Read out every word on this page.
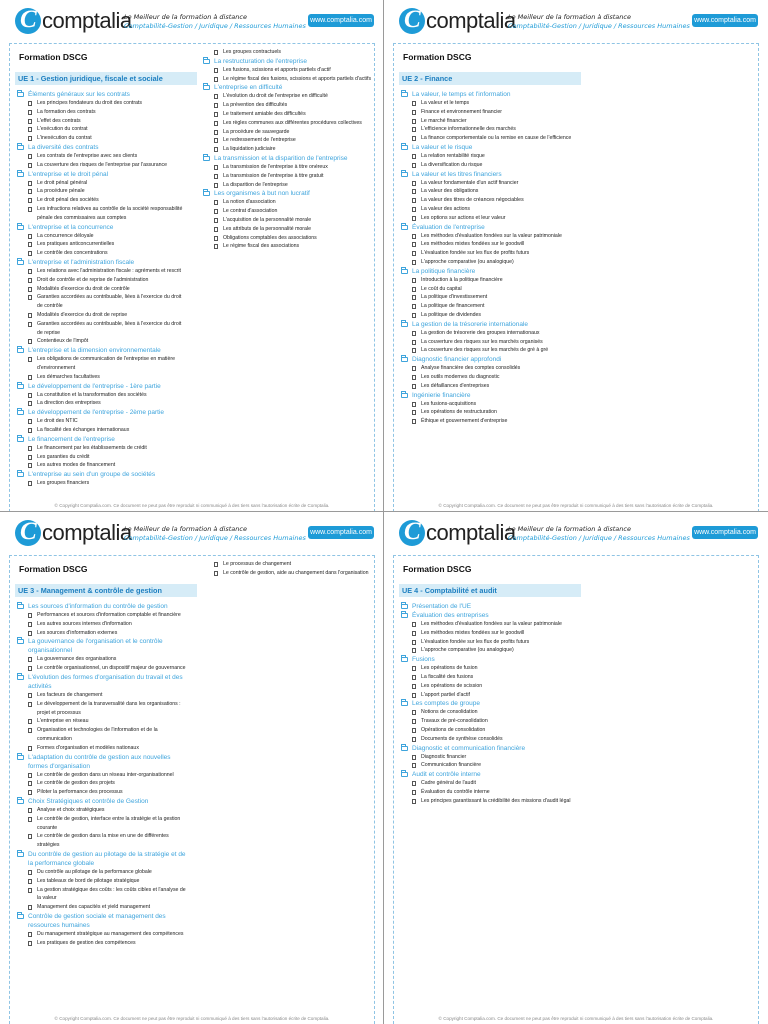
C comptalia
Le Meilleur de la formation à distance
Comptabilité-Gestion / Juridique / Ressources Humaines
www.comptalia.com
Formation DSCG
UE 1 - Gestion juridique, fiscale et sociale
Éléments généraux sur les contrats
Les principes fondateurs du droit des contrats
La formation des contrats
L'effet des contrats
L'exécution du contrat
L'inexécution du contrat
La diversité des contrats
Les contrats de l'entreprise avec ses clients
La couverture des risques de l'entreprise par l'assurance
L'entreprise et le droit pénal
Le droit pénal général
La procédure pénale
Le droit pénal des sociétés
Les infractions relatives au contrôle de la société responsabilité pénale des commissaires aux comptes
L'entreprise et la concurrence
La concurrence déloyale
Les pratiques anticoncurrentielles
Le contrôle des concentrations
L'entreprise et l'administration fiscale
Les relations avec l'administration fiscale : agréments et rescrit
Droit de contrôle et de reprise de l'administration
Modalités d'exercice du droit de contrôle
Garanties accordées au contribuable, liées à l'exercice du droit de contrôle
Modalités d'exercice du droit de reprise
Garanties accordées au contribuable, liées à l'exercice du droit de reprise
Contentieux de l'impôt
L'entreprise et la dimension environnementale
Les obligations de communication de l'entreprise en matière d'environnement
Les démarches facultatives
Le développement de l'entreprise - 1ère partie
La constitution et la transformation des sociétés
La direction des entreprises
Le développement de l'entreprise - 2ème partie
Le droit des NTIC
La fiscalité des échanges internationaux
Le financement de l'entreprise
Le financement par les établissements de crédit
Les garanties du crédit
Les autres modes de financement
L'entreprise au sein d'un groupe de sociétés
Les groupes financiers
Les groupes contractuels
La restructuration de l'entreprise
Les fusions, scissions et apports partiels d'actif
Le régime fiscal des fusions, scissions et apports partiels d'actifs
L'entreprise en difficulté
L'évolution du droit de l'entreprise en difficulté
La prévention des difficultés
Le traitement amiable des difficultés
Les règles communes aux différentes procédures collectives
La procédure de sauvegarde
Le redressement de l'entreprise
La liquidation judiciaire
La transmission et la disparition de l'entreprise
La transmission de l'entreprise à titre onéreux
La transmission de l'entreprise à titre gratuit
La disparition de l'entreprise
Les organismes à but non lucratif
La notion d'association
Le contrat d'association
L'acquisition de la personnalité morale
Les attributs de la personnalité morale
Obligations comptables des associations
Le régime fiscal des associations
© Copyright Comptalia.com. Ce document ne peut pas être reproduit ni communiqué à des tiers sans l'autorisation écrite de Comptalia.
C comptalia
Le Meilleur de la formation à distance
Comptabilité-Gestion / Juridique / Ressources Humaines
www.comptalia.com
Formation DSCG
UE 2 - Finance
La valeur, le temps et l'information
La valeur et le temps
Finance et environnement financier
Le marché financier
L'efficience informationnelle des marchés
La finance comportementale ou la remise en cause de l'efficience
La valeur et le risque
La relation rentabilité risque
La diversification du risque
La valeur et les titres financiers
La valeur fondamentale d'un actif financier
La valeur des obligations
La valeur des titres de créances négociables
La valeur des actions
Les options sur actions et leur valeur
Évaluation de l'entreprise
Les méthodes d'évaluation fondées sur la valeur patrimoniale
Les méthodes mixtes fondées sur le goodwill
L'évaluation fondée sur les flux de profits futurs
L'approche comparative (ou analogique)
La politique financière
Introduction à la politique financière
Le coût du capital
La politique d'investissement
La politique de financement
La politique de dividendes
La gestion de la trésorerie internationale
La gestion de trésorerie des groupes internationaux
La couverture des risques sur les marchés organisés
La couverture des risques sur les marchés de gré à gré
Diagnostic financier approfondi
Analyse financière des comptes consolidés
Les outils modernes du diagnostic
Les défaillances d'entreprises
Ingénierie financière
Les fusions-acquisitions
Les opérations de restructuration
Éthique et gouvernement d'entreprise
© Copyright Comptalia.com. Ce document ne peut pas être reproduit ni communiqué à des tiers sans l'autorisation écrite de Comptalia.
C comptalia
Le Meilleur de la formation à distance
Comptabilité-Gestion / Juridique / Ressources Humaines
www.comptalia.com
Formation DSCG
UE 3 - Management & contrôle de gestion
Les sources d'information du contrôle de gestion
Performances et sources d'information comptable et financière
Les autres sources internes d'information
Les sources d'information externes
La gouvernance de l'organisation et le contrôle organisationnel
La gouvernance des organisations
Le contrôle organisationnel, un dispositif majeur de gouvernance
L'évolution des formes d'organisation du travail et des activités
Les facteurs de changement
Le développement de la transversalité dans les organisations : projet et processus
L'entreprise en réseau
Organisation et technologies de l'information et de la communication
Formes d'organisation et modèles nationaux
L'adaptation du contrôle de gestion aux nouvelles formes d'organisation
Le contrôle de gestion dans un réseau inter-organisationnel
Le contrôle de gestion des projets
Piloter la performance des processus
Choix Stratégiques et contrôle de Gestion
Analyse et choix stratégiques
Le contrôle de gestion, interface entre la stratégie et la gestion courante
Le contrôle de gestion dans la mise en une de différentes stratégies
Du contrôle de gestion au pilotage de la stratégie et de la performance globale
Du contrôle au pilotage de la performance globale
Les tableaux de bord de pilotage stratégique
La gestion stratégique des coûts : les coûts cibles et l'analyse de la valeur
Management des capacités et yield management
Contrôle de gestion sociale et management des ressources humaines
Du management stratégique au management des compétences
Les pratiques de gestion des compétences
Le processus de changement
Le contrôle de gestion, aide au changement dans l'organisation
© Copyright Comptalia.com. Ce document ne peut pas être reproduit ni communiqué à des tiers sans l'autorisation écrite de Comptalia.
C comptalia
Le Meilleur de la formation à distance
Comptabilité-Gestion / Juridique / Ressources Humaines
www.comptalia.com
Formation DSCG
UE 4 - Comptabilité et audit
Présentation de l'UE
Évaluation des entreprises
Les méthodes d'évaluation fondées sur la valeur patrimoniale
Les méthodes mixtes fondées sur le goodwill
L'évaluation fondée sur les flux de profits futurs
L'approche comparative (ou analogique)
Fusions
Les opérations de fusion
La fiscalité des fusions
Les opérations de scission
L'apport partiel d'actif
Les comptes de groupe
Notions de consolidation
Travaux de pré-consolidation
Opérations de consolidation
Documents de synthèse consolidés
Diagnostic et communication financière
Diagnostic financier
Communication financière
Audit et contrôle interne
Cadre général de l'audit
Évaluation du contrôle interne
Les principes garantissant la crédibilité des missions d'audit légal
© Copyright Comptalia.com. Ce document ne peut pas être reproduit ni communiqué à des tiers sans l'autorisation écrite de Comptalia.
